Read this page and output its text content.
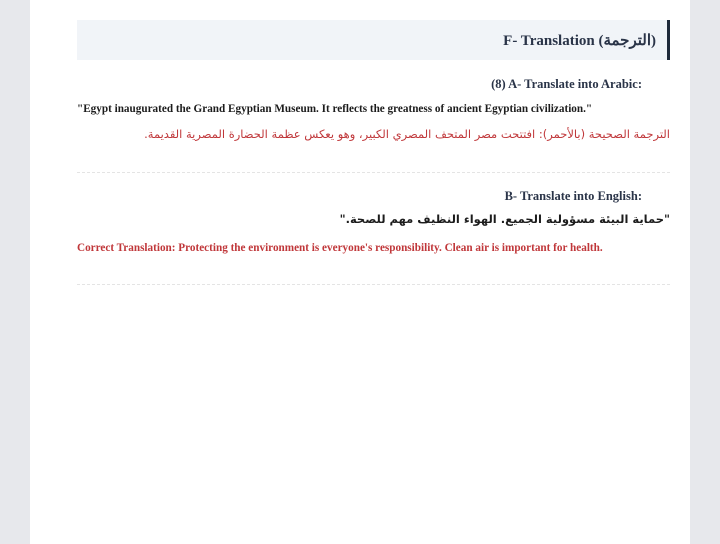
F- Translation (الترجمة)
(8) A- Translate into Arabic:
"Egypt inaugurated the Grand Egyptian Museum. It reflects the greatness of ancient Egyptian civilization."
الترجمة الصحيحة (بالأحمر): افتتحت مصر المتحف المصري الكبير، وهو يعكس عظمة الحضارة المصرية القديمة.
B- Translate into English:
"حماية البيئة مسؤولية الجميع. الهواء النظيف مهم للصحة."
Correct Translation: Protecting the environment is everyone's responsibility. Clean air is important for health.
